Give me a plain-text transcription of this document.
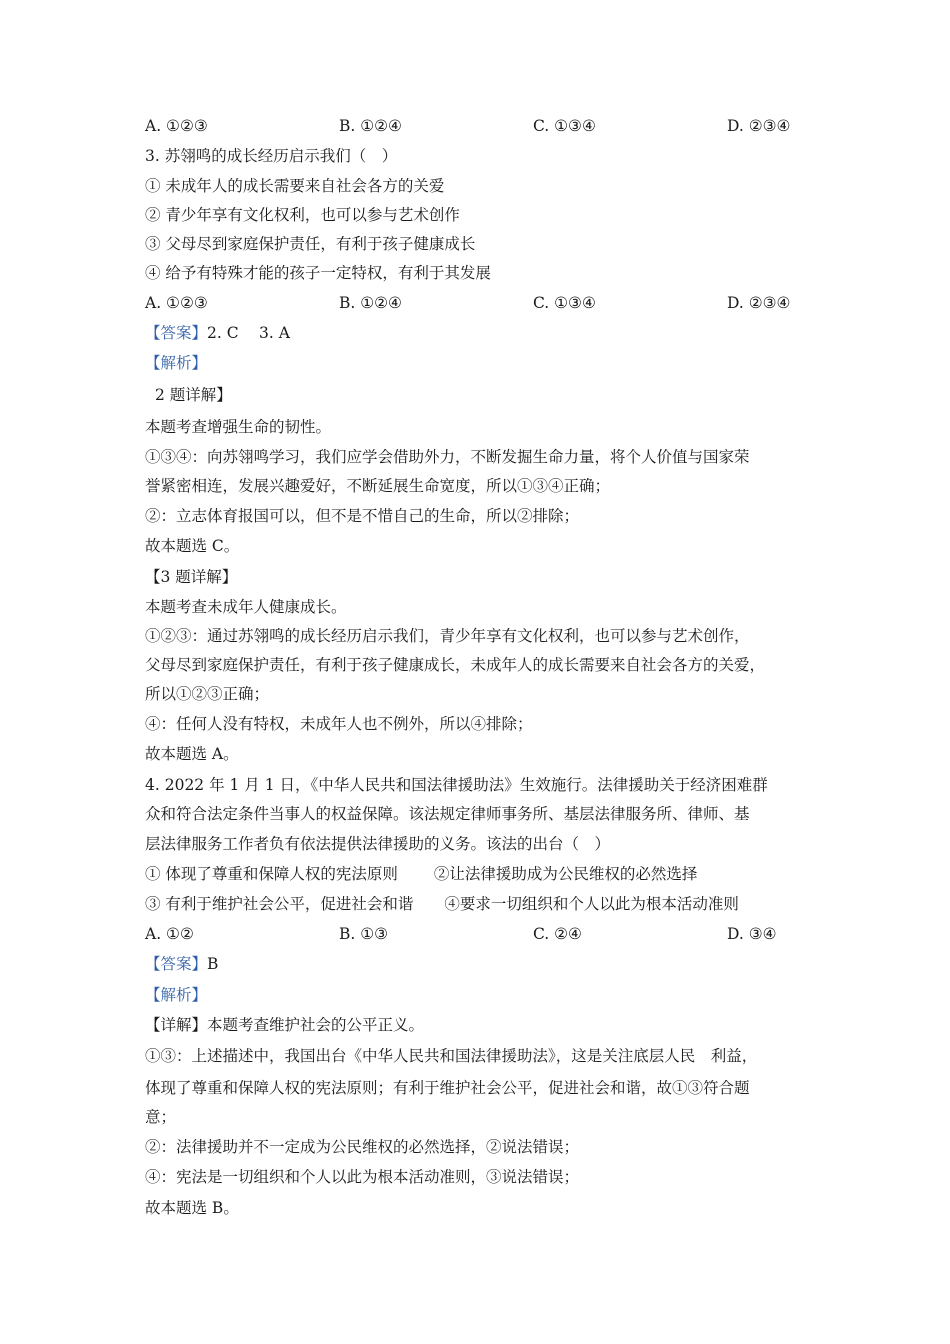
A. ①②③	B. ①②④	C. ①③④	D. ②③④
3. 苏翎鸣的成长经历启示我们（　）
① 未成年人的成长需要来自社会各方的关爱
② 青少年享有文化权利，也可以参与艺术创作
③ 父母尽到家庭保护责任，有利于孩子健康成长
④ 给予有特殊才能的孩子一定特权，有利于其发展
A. ①②③	B. ①②④	C. ①③④	D. ②③④
【答案】2. C　 3. A
【解析】
2 题详解】
本题考查增强生命的韧性。
①③④：向苏翎鸣学习，我们应学会借助外力，不断发掘生命力量，将个人价值与国家荣
誉紧密相连，发展兴趣爱好，不断延展生命宽度，所以①③④正确；
②：立志体育报国可以，但不是不惜自己的生命，所以②排除；
故本题选 C。
【3 题详解】
本题考查未成年人健康成长。
①②③：通过苏翎鸣的成长经历启示我们，青少年享有文化权利，也可以参与艺术创作，
父母尽到家庭保护责任，有利于孩子健康成长，未成年人的成长需要来自社会各方的关爱，
所以①②③正确；
④：任何人没有特权，未成年人也不例外，所以④排除；
故本题选 A。
4. 2022 年 1 月 1 日，《中华人民共和国法律援助法》生效施行。法律援助关于经济困难群
众和符合法定条件当事人的权益保障。该法规定律师事务所、基层法律服务所、律师、基
层法律服务工作者负有依法提供法律援助的义务。该法的出台（　）
① 体现了尊重和保障人权的宪法原则　　 ②让法律援助成为公民维权的必然选择
③ 有利于维护社会公平，促进社会和谐　　④要求一切组织和个人以此为根本活动准则
A. ①②	B. ①③	C. ②④	D. ③④
【答案】B
【解析】
【详解】本题考查维护社会的公平正义。
①③：上述描述中，我国出台《中华人民共和国法律援助法》，这是关注底层人民　利益，
体现了尊重和保障人权的宪法原则；有利于维护社会公平，促进社会和谐，故①③符合题
意；
②：法律援助并不一定成为公民维权的必然选择，②说法错误；
④：宪法是一切组织和个人以此为根本活动准则，③说法错误；
故本题选 B。
